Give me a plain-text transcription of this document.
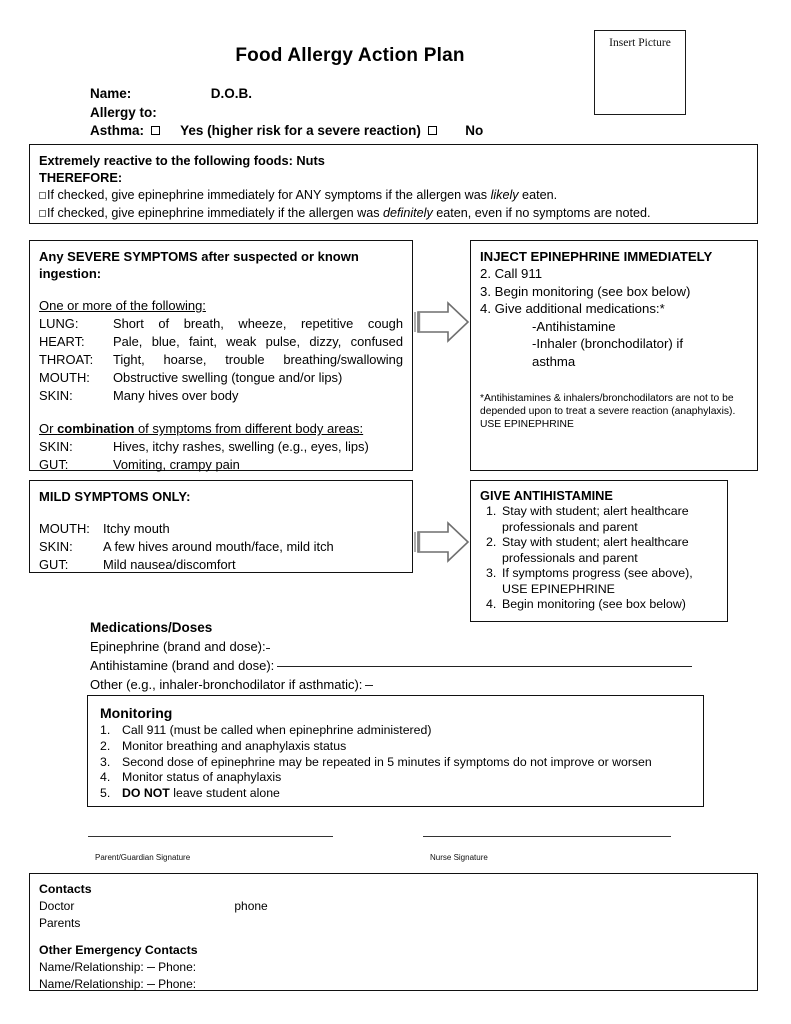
Food Allergy Action Plan
Insert Picture
Name:	D.O.B.
Allergy to:
Asthma:	Yes (higher risk for a severe reaction)	No
Extremely reactive to the following foods: Nuts
THEREFORE:
If checked, give epinephrine immediately for ANY symptoms if the allergen was likely eaten.
If checked, give epinephrine immediately if the allergen was definitely eaten, even if no symptoms are noted.
Any SEVERE SYMPTOMS after suspected or known ingestion:
One or more of the following:
LUNG:	Short of breath, wheeze, repetitive cough
HEART:	Pale, blue, faint, weak pulse, dizzy, confused
THROAT:	Tight, hoarse, trouble breathing/swallowing
MOUTH:	Obstructive swelling (tongue and/or lips)
SKIN:	Many hives over body
Or combination of symptoms from different body areas:
SKIN:	Hives, itchy rashes, swelling (e.g., eyes, lips)
GUT:	Vomiting, crampy pain
INJECT EPINEPHRINE IMMEDIATELY
2. Call 911
3. Begin monitoring (see box below)
4. Give additional medications:*
-Antihistamine
-Inhaler (bronchodilator) if
asthma
*Antihistamines & inhalers/bronchodilators are not to be depended upon to treat a severe reaction (anaphylaxis). USE EPINEPHRINE
MILD SYMPTOMS ONLY:
MOUTH:	Itchy mouth
SKIN:	A few hives around mouth/face, mild itch
GUT:	Mild nausea/discomfort
GIVE ANTIHISTAMINE
1.	Stay with student; alert healthcare professionals and parent
2.	Stay with student; alert healthcare professionals and parent
3.	If symptoms progress (see above), USE EPINEPHRINE
4.	Begin monitoring (see box below)
Medications/Doses
Epinephrine (brand and dose):
Antihistamine (brand and dose):
Other (e.g., inhaler-bronchodilator if asthmatic):
Monitoring
1.	Call 911 (must be called when epinephrine administered)
2.	Monitor breathing and anaphylaxis status
3.	Second dose of epinephrine may be repeated in 5 minutes if symptoms do not improve or worsen
4.	Monitor status of anaphylaxis
5.	DO NOT leave student alone
Parent/Guardian Signature	Nurse Signature
Contacts
Doctor	phone
Parents
Other Emergency Contacts
Name/Relationship: Phone:
Name/Relationship: Phone:
